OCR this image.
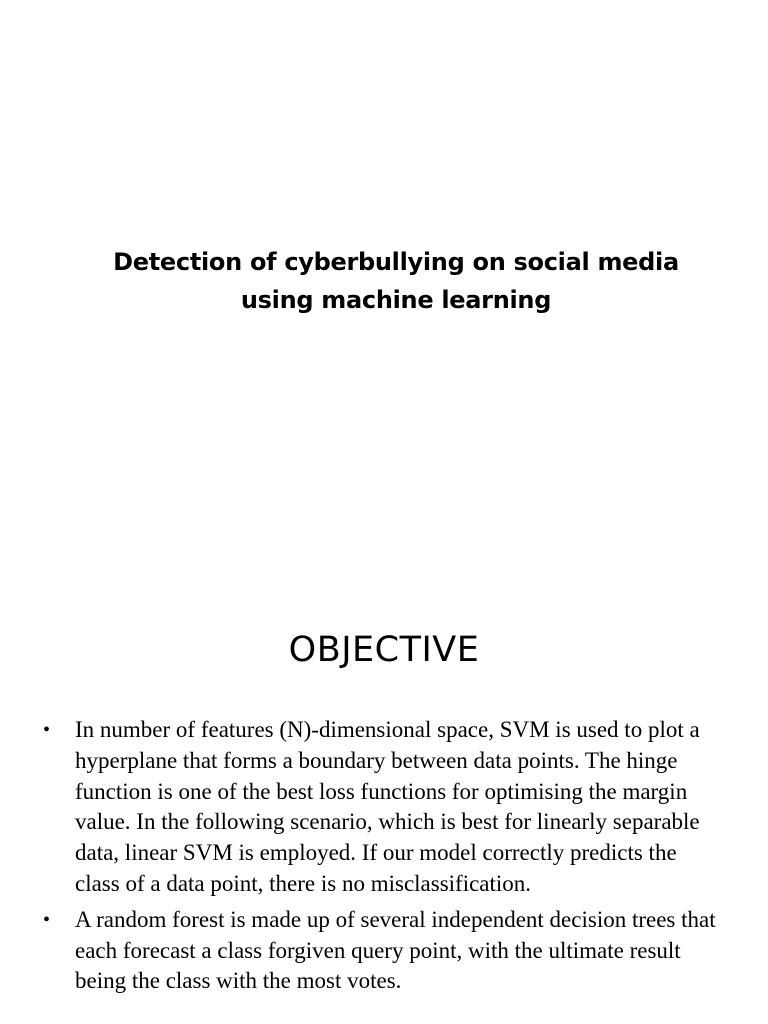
Detection of cyberbullying on social media
using machine learning
OBJECTIVE
• In number of features (N)-dimensional space, SVM is used to plot a hyperplane that forms a boundary between data points. The hinge function is one of the best loss functions for optimising the margin value. In the following scenario, which is best for linearly separable data, linear SVM is employed. If our model correctly predicts the class of a data point, there is no misclassification.
• A random forest is made up of several independent decision trees that each forecast a class forgiven query point, with the ultimate result being the class with the most votes.
